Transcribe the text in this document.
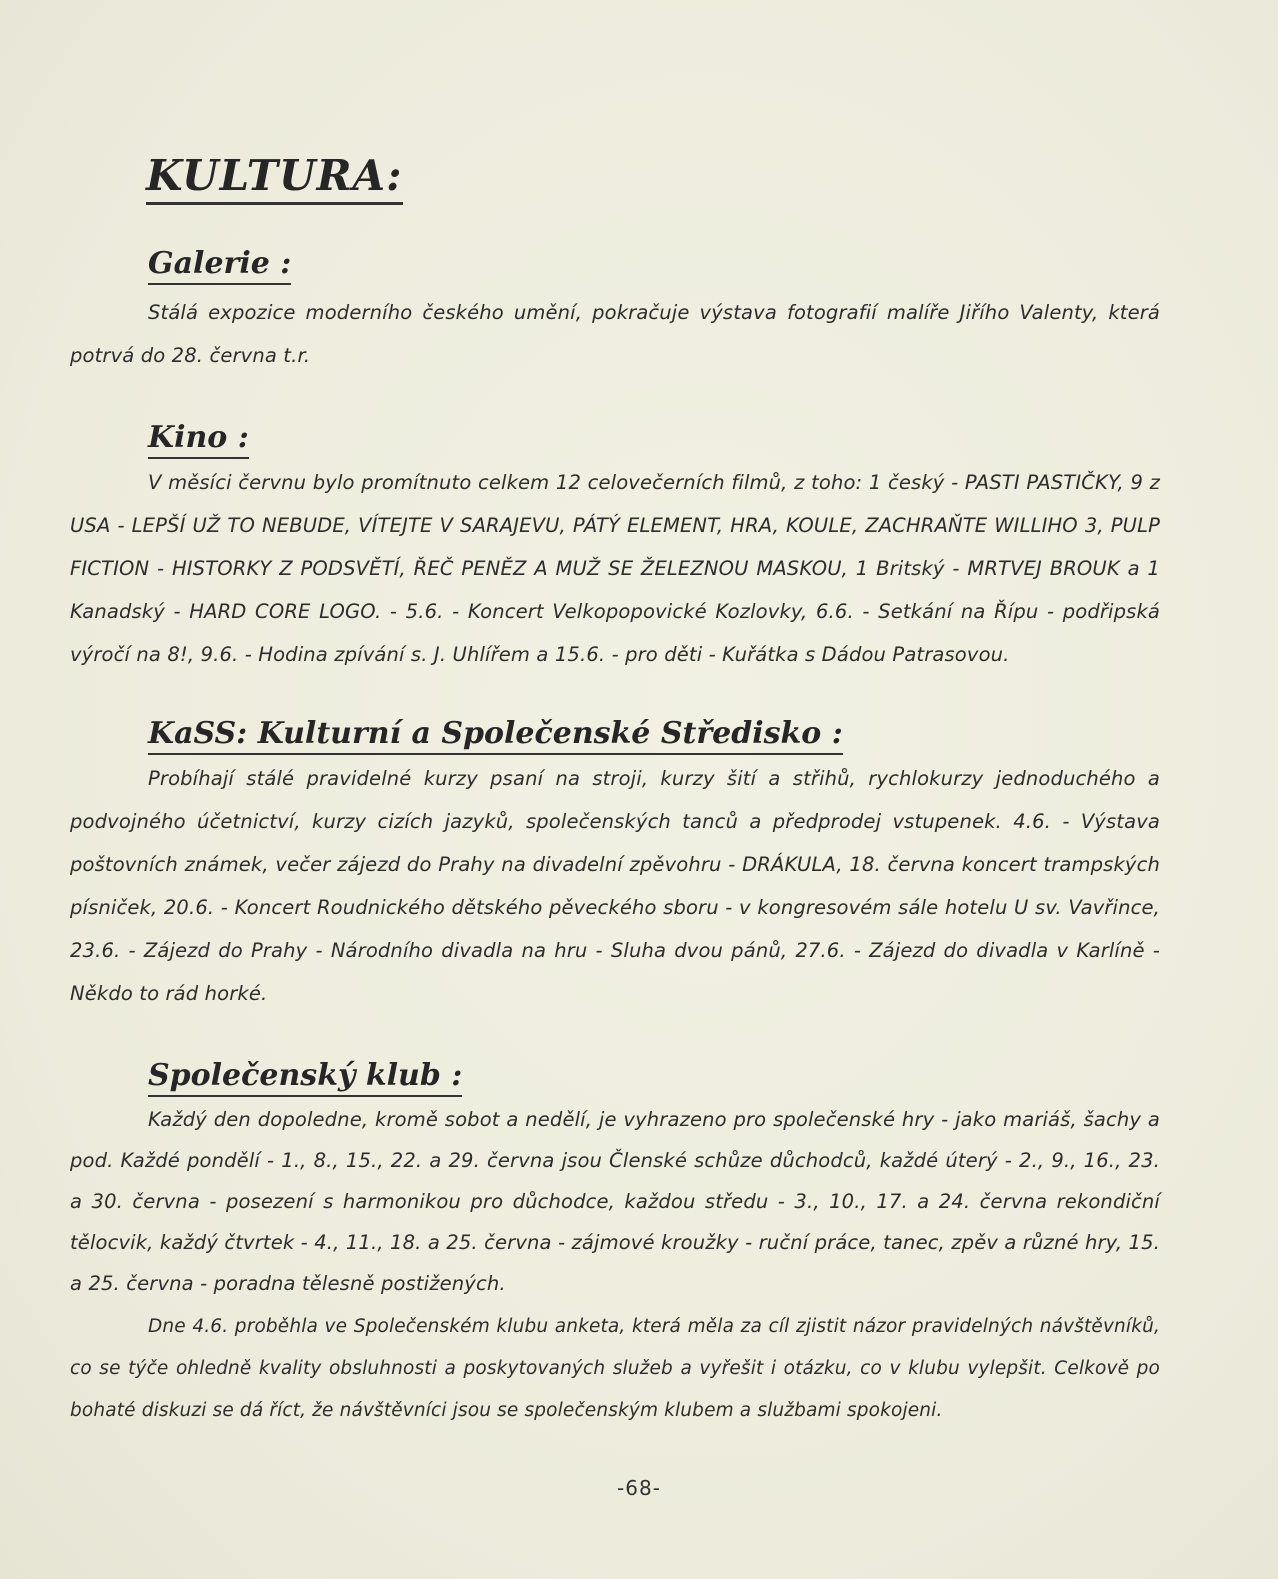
KULTURA:
Galerie :

Stálá expozice moderního českého umění, pokračuje výstava fotografií malíře Jiřího Valenty, která potrvá do 28. června t.r.

Kino :

V měsíci červnu bylo promítnuto celkem 12 celovečerních filmů, z toho: 1 český - PASTI PASTIČKY, 9 z USA - LEPŠÍ UŽ TO NEBUDE, VÍTEJTE V SARAJEVU, PÁTÝ ELEMENT, HRA, KOULE, ZACHRAŇTE WILLIHO 3, PULP FICTION - HISTORKY Z PODSVĚTÍ, ŘEČ PENĚZ A MUŽ SE ŽELEZNOU MASKOU, 1 Britský - MRTVEJ BROUK a 1 Kanadský - HARD CORE LOGO. - 5.6. - Koncert Velkopopovické Kozlovky, 6.6. - Setkání na Řípu - podřipská výročí na 8!, 9.6. - Hodina zpívání s. J. Uhlířem a 15.6. - pro děti - Kuřátka s Dádou Patrasovou.

KaSS: Kulturní a Společenské Středisko :

Probíhají stálé pravidelné kurzy psaní na stroji, kurzy šití a střihů, rychlokurzy jednoduchého a podvojného účetnictví, kurzy cizích jazyků, společenských tanců a předprodej vstupenek. 4.6. - Výstava poštovních známek, večer zájezd do Prahy na divadelní zpěvohru - DRÁKULA, 18. června koncert trampských písniček, 20.6. - Koncert Roudnického dětského pěveckého sboru - v kongresovém sále hotelu U sv. Vavřince, 23.6. - Zájezd do Prahy - Národního divadla na hru - Sluha dvou pánů, 27.6. - Zájezd do divadla v Karlíně - Někdo to rád horké.

Společenský klub :

Každý den dopoledne, kromě sobot a nedělí, je vyhrazeno pro společenské hry - jako mariáš, šachy a pod. Každé pondělí - 1., 8., 15., 22. a 29. června jsou Členské schůze důchodců, každé úterý - 2., 9., 16., 23. a 30. června - posezení s harmonikou pro důchodce, každou středu - 3., 10., 17. a 24. června rekondiční tělocvik, každý čtvrtek - 4., 11., 18. a 25. června - zájmové kroužky - ruční práce, tanec, zpěv a různé hry, 15. a 25. června - poradna tělesně postižených.

Dne 4.6. proběhla ve Společenském klubu anketa, která měla za cíl zjistit názor pravidelných návštěvníků, co se týče ohledně kvality obsluhnosti a poskytovaných služeb a vyřešit i otázku, co v klubu vylepšit. Celkově po bohaté diskuzi se dá říct, že návštěvníci jsou se společenským klubem a službami spokojeni.

-68-
